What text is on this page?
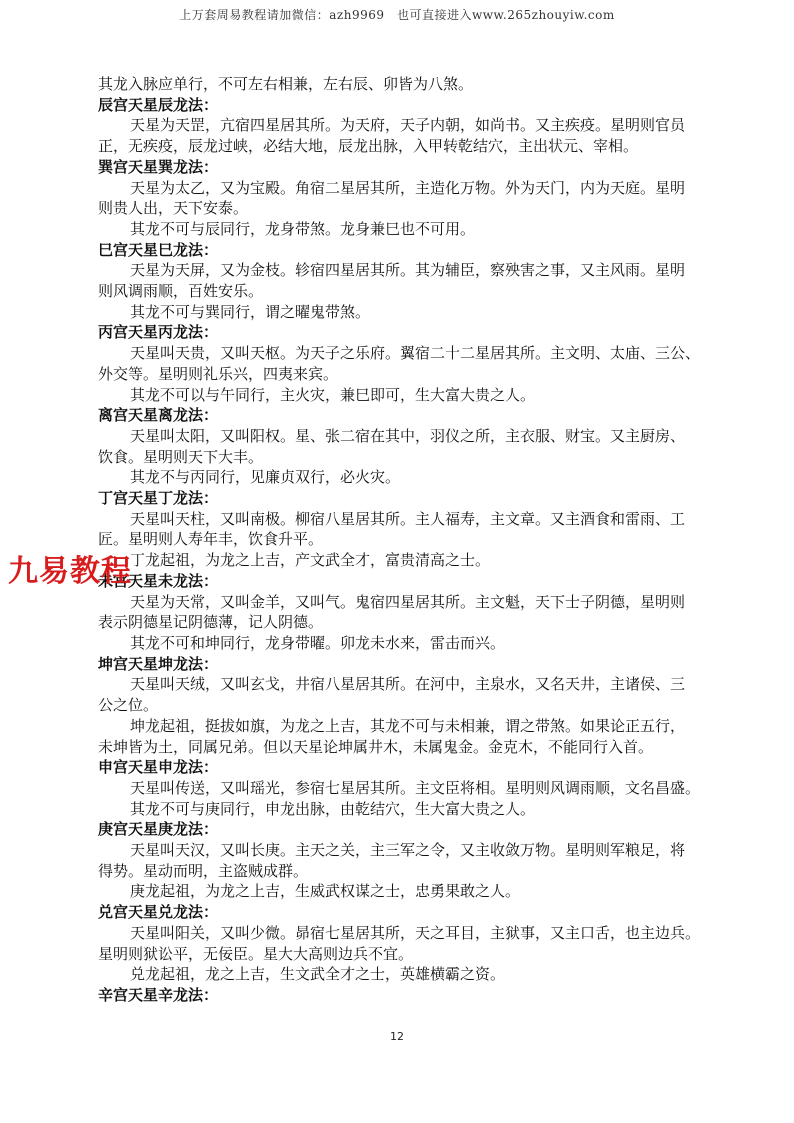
上万套周易教程请加微信：azh9969　也可直接进入www.265zhouyiw.com
其龙入脉应单行，不可左右相兼，左右辰、卯皆为八煞。
辰宫天星辰龙法：
天星为天罡，亢宿四星居其所。为天府，天子内朝，如尚书。又主疾疫。星明则官员
正，无疾疫，辰龙过峡，必结大地，辰龙出脉，入甲转乾结穴，主出状元、宰相。
巽宫天星巽龙法：
天星为太乙，又为宝殿。角宿二星居其所，主造化万物。外为天门，内为天庭。星明
则贵人出，天下安泰。
其龙不可与辰同行，龙身带煞。龙身兼巳也不可用。
巳宫天星巳龙法：
天星为天屏，又为金枝。轸宿四星居其所。其为辅臣，察殃害之事，又主风雨。星明
则风调雨顺，百姓安乐。
其龙不可与巽同行，谓之曜鬼带煞。
丙宫天星丙龙法：
天星叫天贵，又叫天枢。为天子之乐府。翼宿二十二星居其所。主文明、太庙、三公、
外交等。星明则礼乐兴，四夷来宾。
其龙不可以与午同行，主火灾，兼巳即可，生大富大贵之人。
离宫天星离龙法：
天星叫太阳，又叫阳权。星、张二宿在其中，羽仪之所，主衣服、财宝。又主厨房、
饮食。星明则天下大丰。
其龙不与丙同行，见廉贞双行，必火灾。
丁宫天星丁龙法：
天星叫天柱，又叫南极。柳宿八星居其所。主人福寿，主文章。又主酒食和雷雨、工
匠。星明则人寿年丰，饮食升平。
丁龙起祖，为龙之上吉，产文武全才，富贵清高之士。
未宫天星未龙法：
天星为天常，又叫金羊，又叫气。鬼宿四星居其所。主文魁，天下士子阴德，星明则
表示阴德星记阴德薄，记人阴德。
其龙不可和坤同行，龙身带曜。卯龙未水来，雷击而兴。
坤宫天星坤龙法：
天星叫天绒，又叫玄戈，井宿八星居其所。在河中，主泉水，又名天井，主诸侯、三
公之位。
坤龙起祖，挺拔如旗，为龙之上吉，其龙不可与未相兼，谓之带煞。如果论正五行，
未坤皆为土，同属兄弟。但以天星论坤属井木，未属鬼金。金克木，不能同行入首。
申宫天星申龙法：
天星叫传送，又叫瑶光，参宿七星居其所。主文臣将相。星明则风调雨顺，文名昌盛。
其龙不可与庚同行，申龙出脉，由乾结穴，生大富大贵之人。
庚宫天星庚龙法：
天星叫天汉，又叫长庚。主天之关，主三军之令，又主收敛万物。星明则军粮足，将
得势。星动而明，主盗贼成群。
庚龙起祖，为龙之上吉，生威武权谋之士，忠勇果敢之人。
兑宫天星兑龙法：
天星叫阳关，又叫少微。昴宿七星居其所，天之耳目，主狱事，又主口舌，也主边兵。
星明则狱讼平，无佞臣。星大大高则边兵不宜。
兑龙起祖，龙之上吉，生文武全才之士，英雄横霸之资。
辛宫天星辛龙法：
九易教程
12
